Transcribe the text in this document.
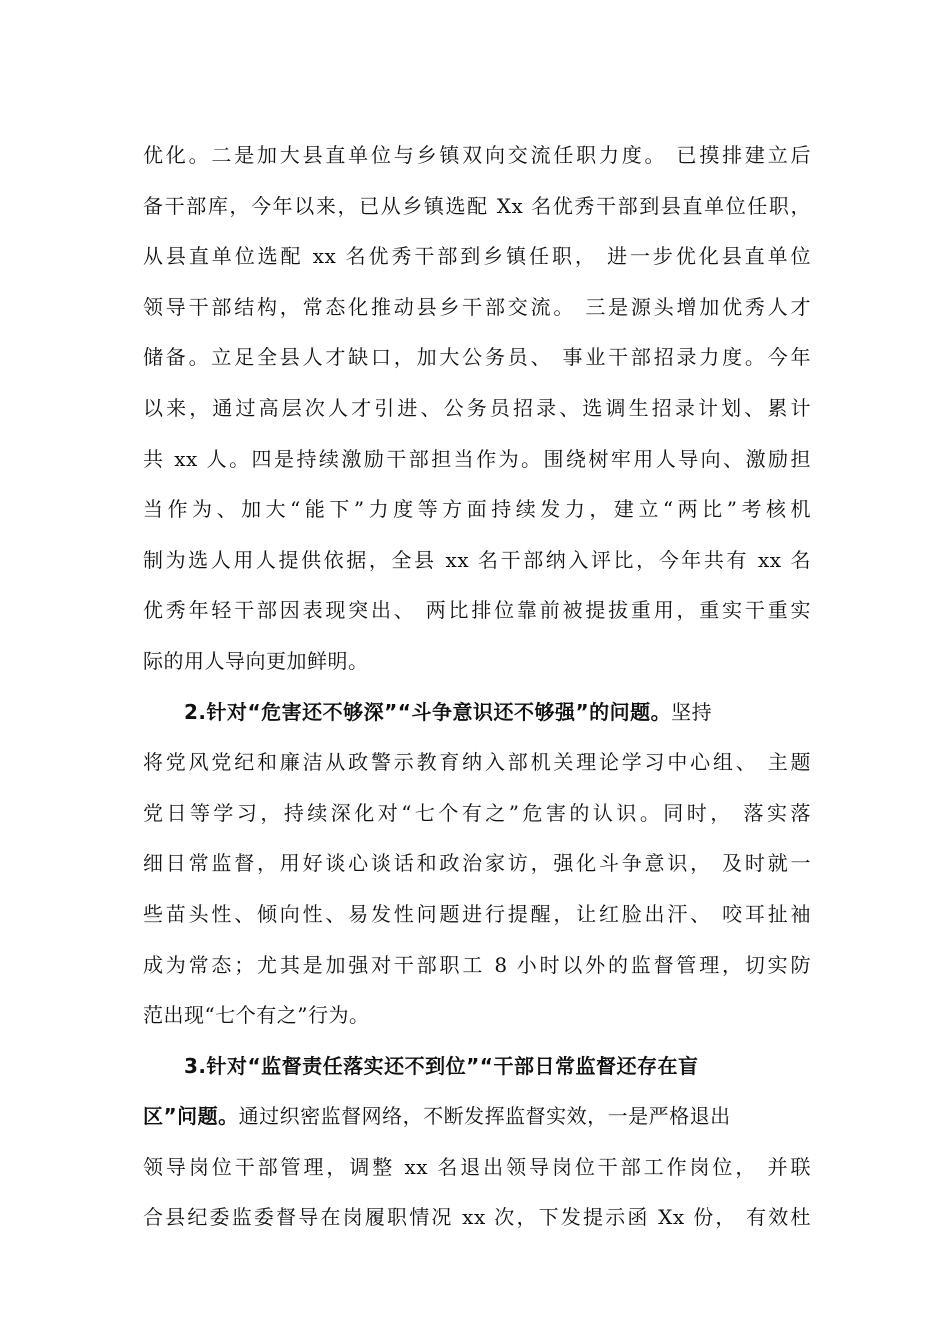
优化。二是加大县直单位与乡镇双向交流任职力度。 已摸排建立后
备干部库，今年以来，已从乡镇选配 Xx 名优秀干部到县直单位任职，
从县直单位选配 xx 名优秀干部到乡镇任职， 进一步优化县直单位
领导干部结构，常态化推动县乡干部交流。 三是源头增加优秀人才
储备。立足全县人才缺口，加大公务员、 事业干部招录力度。今年
以来，通过高层次人才引进、公务员招录、选调生招录计划、累计
共 xx 人。四是持续激励干部担当作为。围绕树牢用人导向、激励担
当作为、加大“能下”力度等方面持续发力，建立“两比”考核机
制为选人用人提供依据，全县 xx 名干部纳入评比，今年共有 xx 名
优秀年轻干部因表现突出、 两比排位靠前被提拔重用，重实干重实
际的用人导向更加鲜明。
2.针对“危害还不够深”“斗争意识还不够强”的问题。坚持
将党风党纪和廉洁从政警示教育纳入部机关理论学习中心组、 主题
党日等学习，持续深化对“七个有之”危害的认识。同时， 落实落
细日常监督，用好谈心谈话和政治家访，强化斗争意识， 及时就一
些苗头性、倾向性、易发性问题进行提醒，让红脸出汗、 咬耳扯袖
成为常态；尤其是加强对干部职工 8 小时以外的监督管理，切实防
范出现“七个有之”行为。
3.针对“监督责任落实还不到位”“干部日常监督还存在盲
区”问题。通过织密监督网络，不断发挥监督实效，一是严格退出
领导岗位干部管理，调整 xx 名退出领导岗位干部工作岗位， 并联
合县纪委监委督导在岗履职情况 xx 次，下发提示函 Xx 份， 有效杜
